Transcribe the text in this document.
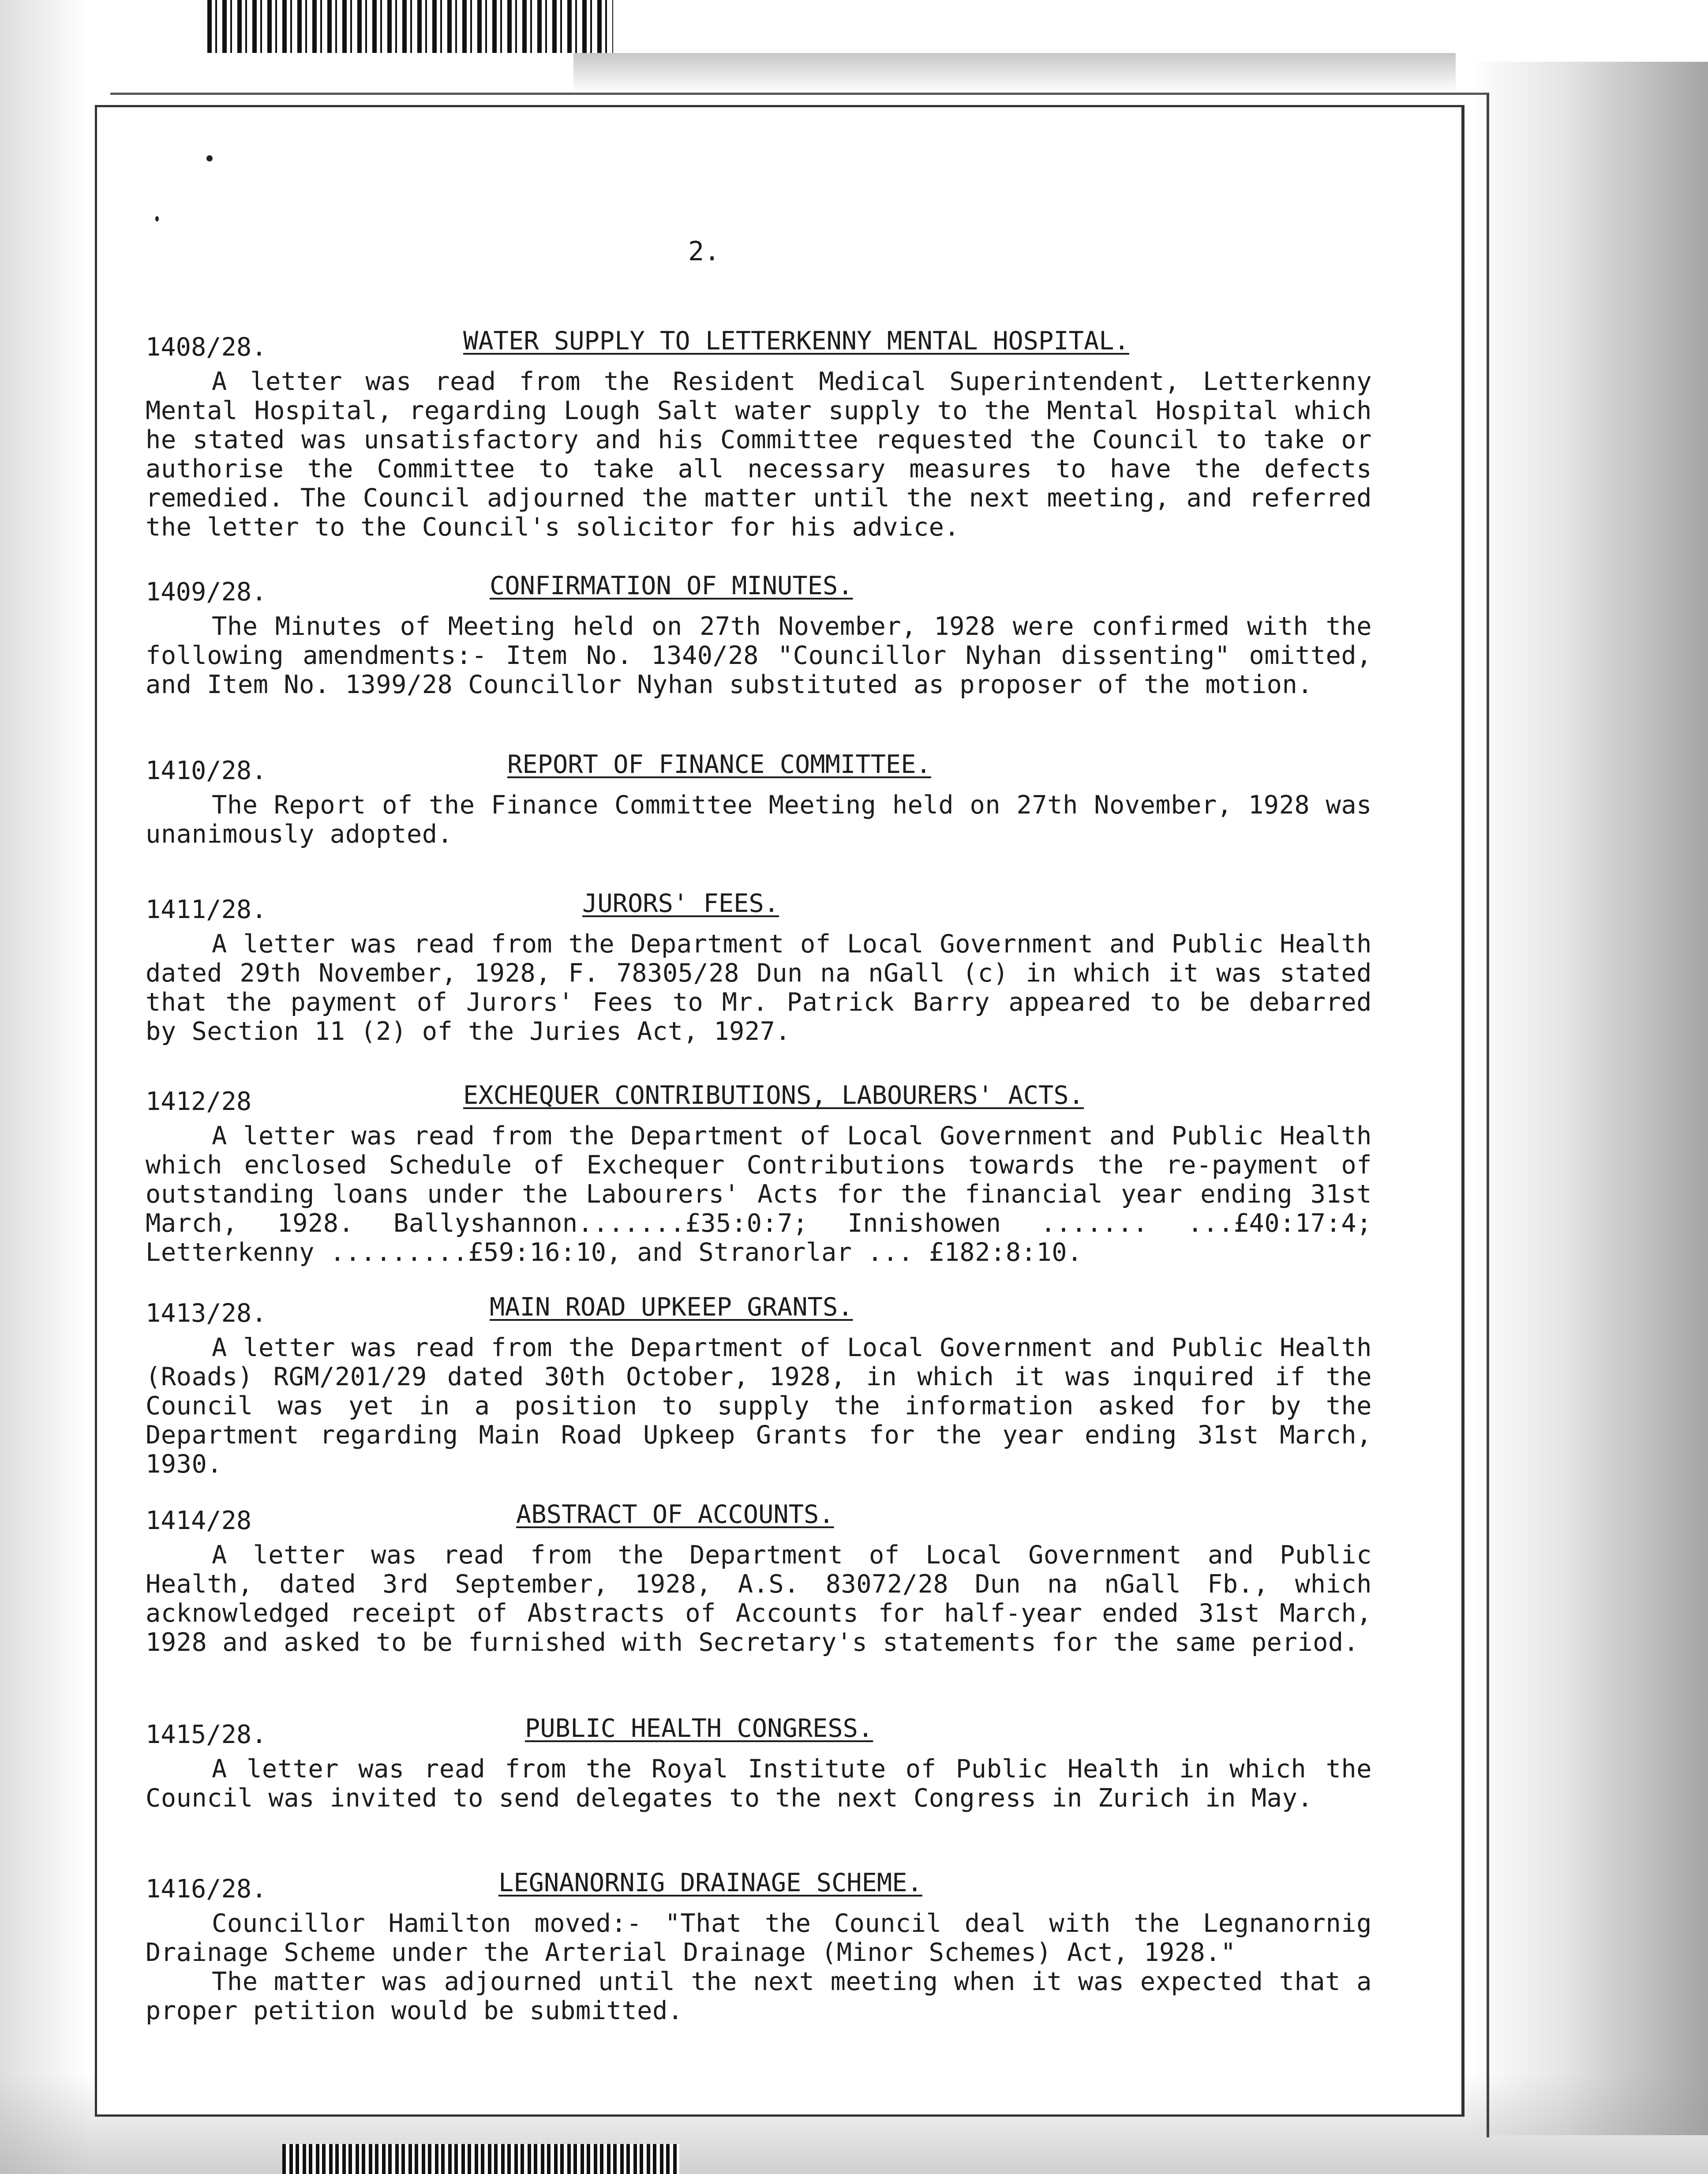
2.
1408/28.	WATER SUPPLY TO LETTERKENNY MENTAL HOSPITAL.
A letter was read from the Resident Medical Superintendent, Letterkenny Mental Hospital, regarding Lough Salt water supply to the Mental Hospital which he stated was unsatisfactory and his Committee requested the Council to take or authorise the Committee to take all necessary measures to have the defects remedied. The Council adjourned the matter until the next meeting, and referred the letter to the Council's solicitor for his advice.
1409/28.	CONFIRMATION OF MINUTES.
The Minutes of Meeting held on 27th November, 1928 were confirmed with the following amendments:- Item No. 1340/28 "Councillor Nyhan dissenting" omitted, and Item No. 1399/28 Councillor Nyhan substituted as proposer of the motion.
1410/28.	REPORT OF FINANCE COMMITTEE.
The Report of the Finance Committee Meeting held on 27th November, 1928 was unanimously adopted.
1411/28.	JURORS' FEES.
A letter was read from the Department of Local Government and Public Health dated 29th November, 1928, F. 78305/28 Dun na nGall (c) in which it was stated that the payment of Jurors' Fees to Mr. Patrick Barry appeared to be debarred by Section 11 (2) of the Juries Act, 1927.
1412/28	EXCHEQUER CONTRIBUTIONS, LABOURERS' ACTS.
A letter was read from the Department of Local Government and Public Health which enclosed Schedule of Exchequer Contributions towards the re-payment of outstanding loans under the Labourers' Acts for the financial year ending 31st March, 1928. Ballyshannon.......£35:0:7; Innishowen ....... ...£40:17:4; Letterkenny .........£59:16:10, and Stranorlar ... £182:8:10.
1413/28.	MAIN ROAD UPKEEP GRANTS.
A letter was read from the Department of Local Government and Public Health (Roads) RGM/201/29 dated 30th October, 1928, in which it was inquired if the Council was yet in a position to supply the information asked for by the Department regarding Main Road Upkeep Grants for the year ending 31st March, 1930.
1414/28	ABSTRACT OF ACCOUNTS.
A letter was read from the Department of Local Government and Public Health, dated 3rd September, 1928, A.S. 83072/28 Dun na nGall Fb., which acknowledged receipt of Abstracts of Accounts for half-year ended 31st March, 1928 and asked to be furnished with Secretary's statements for the same period.
1415/28.	PUBLIC HEALTH CONGRESS.
A letter was read from the Royal Institute of Public Health in which the Council was invited to send delegates to the next Congress in Zurich in May.
1416/28.	LEGNANORNIG DRAINAGE SCHEME.
Councillor Hamilton moved:- "That the Council deal with the Legnanornig Drainage Scheme under the Arterial Drainage (Minor Schemes) Act, 1928."
The matter was adjourned until the next meeting when it was expected that a proper petition would be submitted.
